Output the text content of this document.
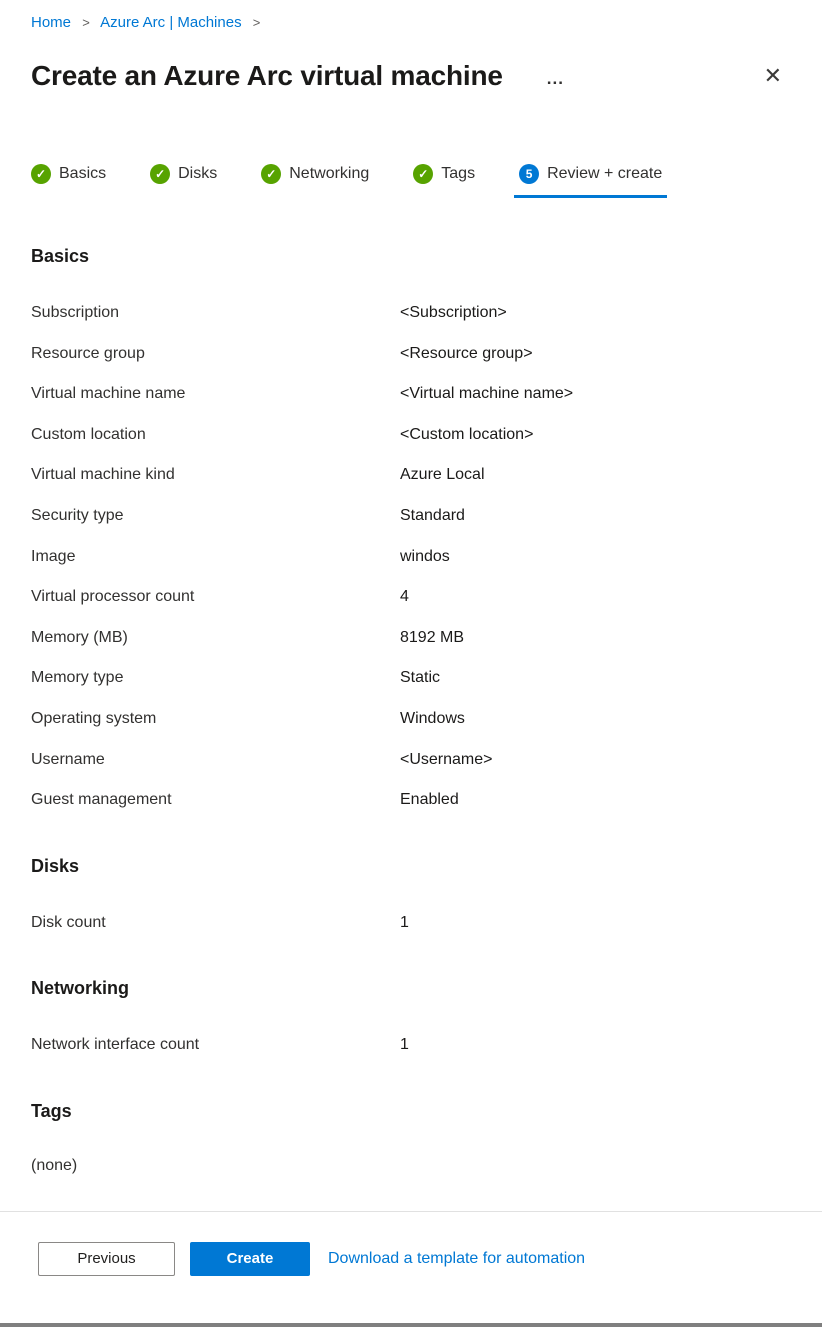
Home > Azure Arc | Machines >
Create an Azure Arc virtual machine	...	✕
✓ Basics	✓ Disks	✓ Networking	✓ Tags	5 Review + create
Basics
Subscription	<Subscription>
Resource group	<Resource group>
Virtual machine name	<Virtual machine name>
Custom location	<Custom location>
Virtual machine kind	Azure Local
Security type	Standard
Image	windos
Virtual processor count	4
Memory (MB)	8192 MB
Memory type	Static
Operating system	Windows
Username	<Username>
Guest management	Enabled
Disks
Disk count	1
Networking
Network interface count	1
Tags
(none)
Previous	Create	Download a template for automation
